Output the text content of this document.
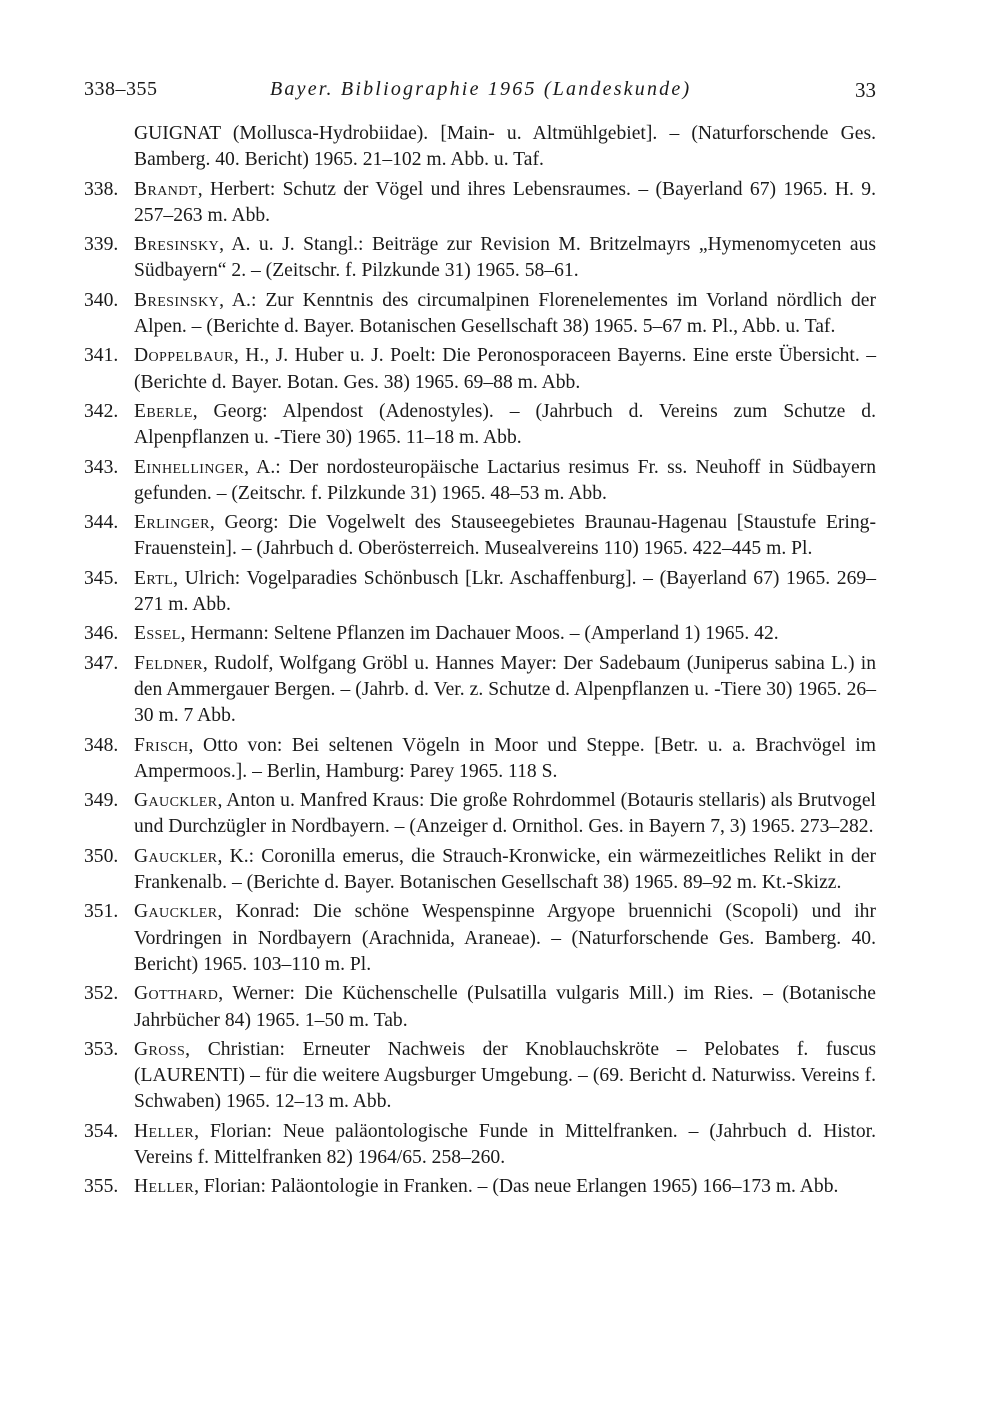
338–355	Bayer. Bibliographie 1965 (Landeskunde)	33
GUIGNAT (Mollusca-Hydrobiidae). [Main- u. Altmühlgebiet]. – (Naturforschende Ges. Bamberg. 40. Bericht) 1965. 21–102 m. Abb. u. Taf.
338. Brandt, Herbert: Schutz der Vögel und ihres Lebensraumes. – (Bayerland 67) 1965. H. 9. 257–263 m. Abb.
339. Bresinsky, A. u. J. Stangl.: Beiträge zur Revision M. Britzelmayrs „Hymenomyceten aus Südbayern“ 2. – (Zeitschr. f. Pilzkunde 31) 1965. 58–61.
340. Bresinsky, A.: Zur Kenntnis des circumalpinen Florenelementes im Vorland nördlich der Alpen. – (Berichte d. Bayer. Botanischen Gesellschaft 38) 1965. 5–67 m. Pl., Abb. u. Taf.
341. Doppelbaur, H., J. Huber u. J. Poelt: Die Peronosporaceen Bayerns. Eine erste Übersicht. – (Berichte d. Bayer. Botan. Ges. 38) 1965. 69–88 m. Abb.
342. Eberle, Georg: Alpendost (Adenostyles). – (Jahrbuch d. Vereins zum Schutze d. Alpenpflanzen u. -Tiere 30) 1965. 11–18 m. Abb.
343. Einhellinger, A.: Der nordosteuropäische Lactarius resimus Fr. ss. Neuhoff in Südbayern gefunden. – (Zeitschr. f. Pilzkunde 31) 1965. 48–53 m. Abb.
344. Erlinger, Georg: Die Vogelwelt des Stauseegebietes Braunau-Hagenau [Staustufe Ering-Frauenstein]. – (Jahrbuch d. Oberösterreich. Musealvereins 110) 1965. 422–445 m. Pl.
345. Ertl, Ulrich: Vogelparadies Schönbusch [Lkr. Aschaffenburg]. – (Bayerland 67) 1965. 269–271 m. Abb.
346. Essel, Hermann: Seltene Pflanzen im Dachauer Moos. – (Amperland 1) 1965. 42.
347. Feldner, Rudolf, Wolfgang Gröbl u. Hannes Mayer: Der Sadebaum (Juniperus sabina L.) in den Ammergauer Bergen. – (Jahrb. d. Ver. z. Schutze d. Alpenpflanzen u. -Tiere 30) 1965. 26–30 m. 7 Abb.
348. Frisch, Otto von: Bei seltenen Vögeln in Moor und Steppe. [Betr. u. a. Brachvögel im Ampermoos.]. – Berlin, Hamburg: Parey 1965. 118 S.
349. Gauckler, Anton u. Manfred Kraus: Die große Rohrdommel (Botauris stellaris) als Brutvogel und Durchzügler in Nordbayern. – (Anzeiger d. Ornithol. Ges. in Bayern 7, 3) 1965. 273–282.
350. Gauckler, K.: Coronilla emerus, die Strauch-Kronwicke, ein wärmezeitliches Relikt in der Frankenalb. – (Berichte d. Bayer. Botanischen Gesellschaft 38) 1965. 89–92 m. Kt.-Skizz.
351. Gauckler, Konrad: Die schöne Wespenspinne Argyope bruennichi (Scopoli) und ihr Vordringen in Nordbayern (Arachnida, Araneae). – (Naturforschende Ges. Bamberg. 40. Bericht) 1965. 103–110 m. Pl.
352. Gotthard, Werner: Die Küchenschelle (Pulsatilla vulgaris Mill.) im Ries. – (Botanische Jahrbücher 84) 1965. 1–50 m. Tab.
353. Gross, Christian: Erneuter Nachweis der Knoblauchskröte – Pelobates f. fuscus (LAURENTI) – für die weitere Augsburger Umgebung. – (69. Bericht d. Naturwiss. Vereins f. Schwaben) 1965. 12–13 m. Abb.
354. Heller, Florian: Neue paläontologische Funde in Mittelfranken. – (Jahrbuch d. Histor. Vereins f. Mittelfranken 82) 1964/65. 258–260.
355. Heller, Florian: Paläontologie in Franken. – (Das neue Erlangen 1965) 166–173 m. Abb.
